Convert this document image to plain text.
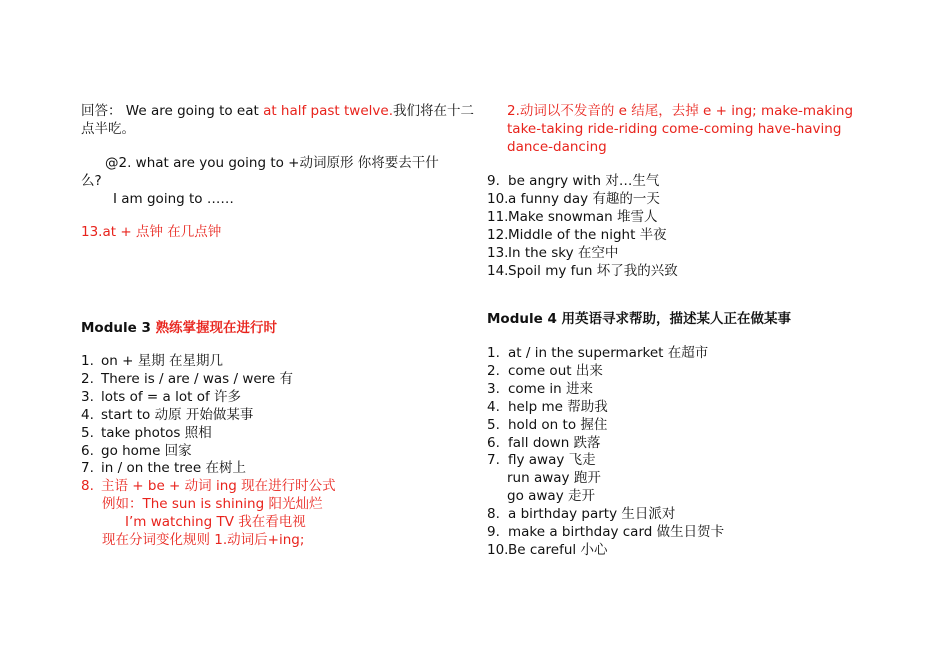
回答： We are going to eat at half past twelve.我们将在十二
点半吃。
@2. what are you going to +动词原形 你将要去干什
么?
I am going to ……
13.at + 点钟 在几点钟
Module 3 熟练掌握现在进行时
1. on + 星期 在星期几
2. There is / are / was / were 有
3. lots of = a lot of 许多
4. start to 动原 开始做某事
5. take photos 照相
6. go home 回家
7. in / on the tree 在树上
8. 主语 + be + 动词 ing 现在进行时公式
例如：The sun is shining 阳光灿烂
I’m watching TV 我在看电视
现在分词变化规则 1.动词后+ing;
2.动词以不发音的 e 结尾，去掉 e + ing; make-making
take-taking ride-riding come-coming have-having
dance-dancing
9. be angry with 对…生气
10.a funny day 有趣的一天
11.Make snowman 堆雪人
12.Middle of the night 半夜
13.In the sky 在空中
14.Spoil my fun 坏了我的兴致
Module 4 用英语寻求帮助，描述某人正在做某事
1. at / in the supermarket 在超市
2. come out 出来
3. come in 进来
4. help me 帮助我
5. hold on to 握住
6. fall down 跌落
7. fly away 飞走
run away 跑开
go away 走开
8. a birthday party 生日派对
9. make a birthday card 做生日贺卡
10.Be careful 小心
